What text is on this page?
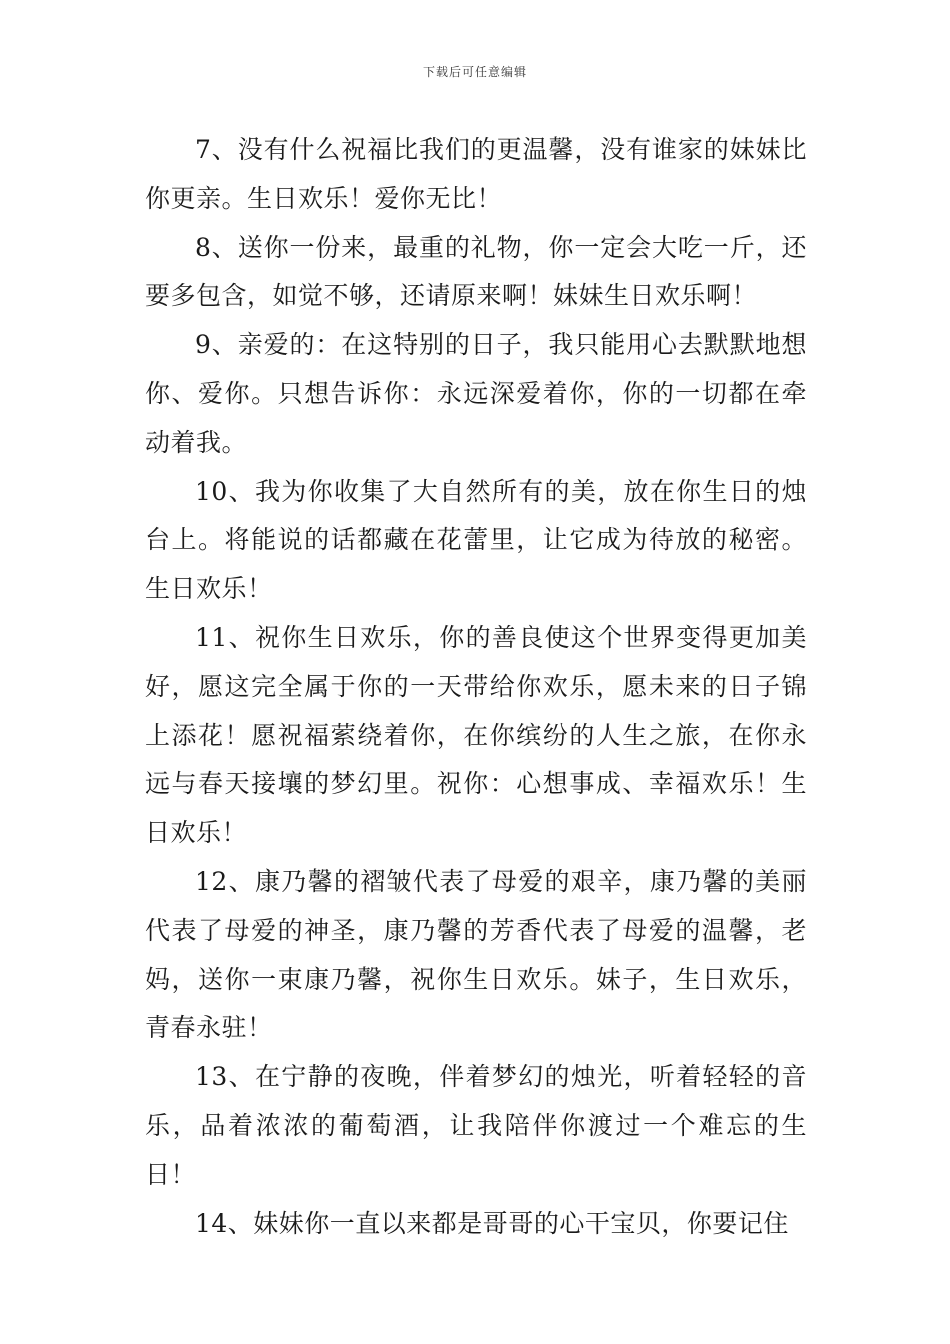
下载后可任意编辑

7、没有什么祝福比我们的更温馨，没有谁家的妹妹比你更亲。生日欢乐！爱你无比！

8、送你一份来，最重的礼物，你一定会大吃一斤，还要多包含，如觉不够，还请原来啊！妹妹生日欢乐啊！

9、亲爱的：在这特别的日子，我只能用心去默默地想你、爱你。只想告诉你：永远深爱着你，你的一切都在牵动着我。

10、我为你收集了大自然所有的美，放在你生日的烛台上。将能说的话都藏在花蕾里，让它成为待放的秘密。生日欢乐！

11、祝你生日欢乐，你的善良使这个世界变得更加美好，愿这完全属于你的一天带给你欢乐，愿未来的日子锦上添花！愿祝福萦绕着你，在你缤纷的人生之旅，在你永远与春天接壤的梦幻里。祝你：心想事成、幸福欢乐！生日欢乐！

12、康乃馨的褶皱代表了母爱的艰辛，康乃馨的美丽代表了母爱的神圣，康乃馨的芳香代表了母爱的温馨，老妈，送你一束康乃馨，祝你生日欢乐。妹子，生日欢乐，青春永驻！

13、在宁静的夜晚，伴着梦幻的烛光，听着轻轻的音乐，品着浓浓的葡萄酒，让我陪伴你渡过一个难忘的生日！

14、妹妹你一直以来都是哥哥的心干宝贝，你要记住
